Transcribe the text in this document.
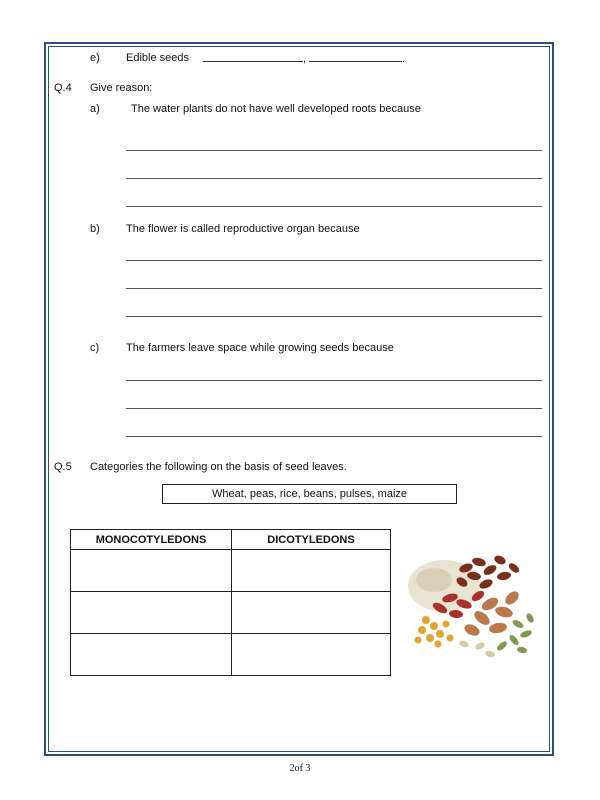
e) Edible seeds	,	.
Q.4 Give reason:
a)	The water plants do not have well developed roots because
b) The flower is called reproductive organ because
c) The farmers leave space while growing seeds because
Q.5 Categories the following on the basis of seed leaves.
Wheat, peas, rice, beans, pulses, maize
MONOCOTYLEDONS	DICOTYLEDONS

2of 3
